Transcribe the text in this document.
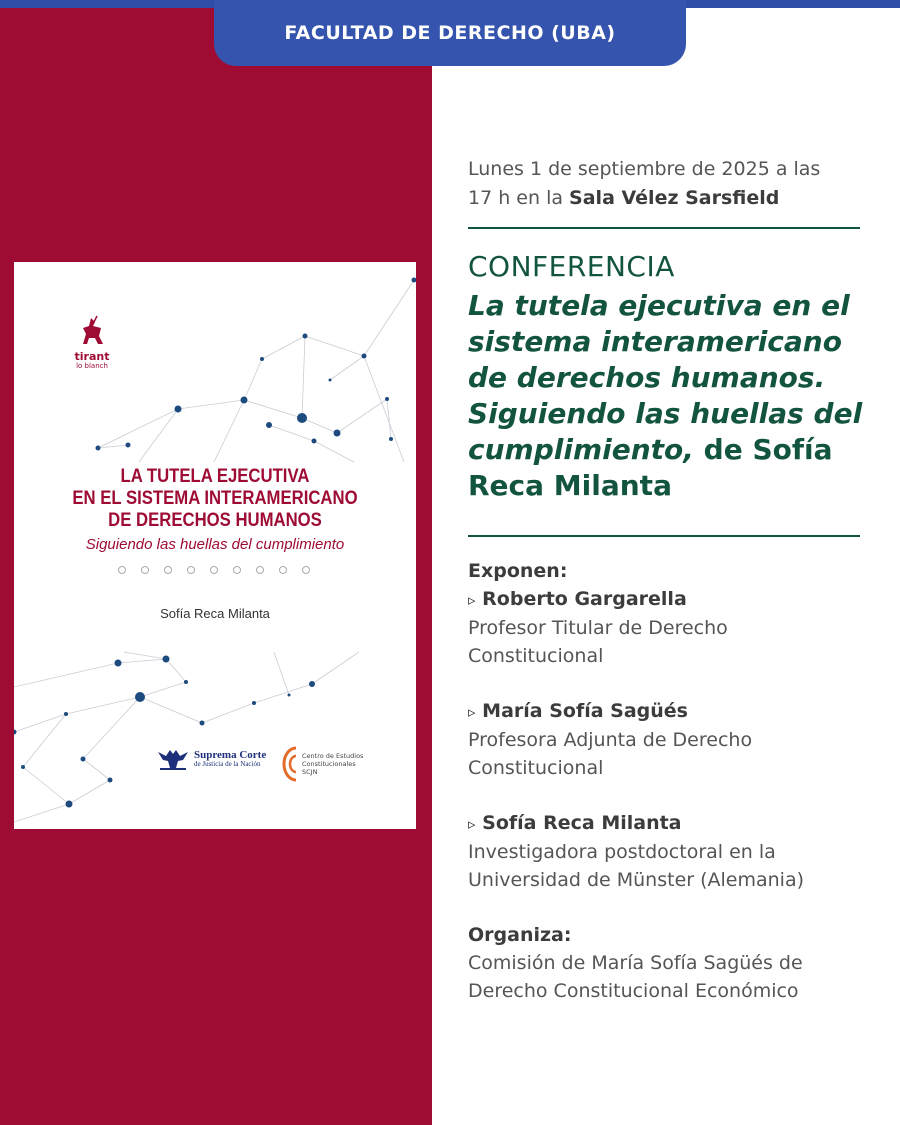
FACULTAD DE DERECHO (UBA)
tirant
lo blanch
LA TUTELA EJECUTIVA
EN EL SISTEMA INTERAMERICANO
DE DERECHOS HUMANOS
Siguiendo las huellas del cumplimiento
Sofía Reca Milanta
Suprema Corte
de Justicia de la Nación
Centro de Estudios Constitucionales SCJN
Lunes 1 de septiembre de 2025 a las 17 h en la Sala Vélez Sarsfield
CONFERENCIA
La tutela ejecutiva en el sistema interamericano de derechos humanos. Siguiendo las huellas del cumplimiento, de Sofía Reca Milanta
Exponen:
▹ Roberto Gargarella
Profesor Titular de Derecho Constitucional
▹ María Sofía Sagüés
Profesora Adjunta de Derecho Constitucional
▹ Sofía Reca Milanta
Investigadora postdoctoral en la Universidad de Münster (Alemania)
Organiza:
Comisión de María Sofía Sagüés de Derecho Constitucional Económico
